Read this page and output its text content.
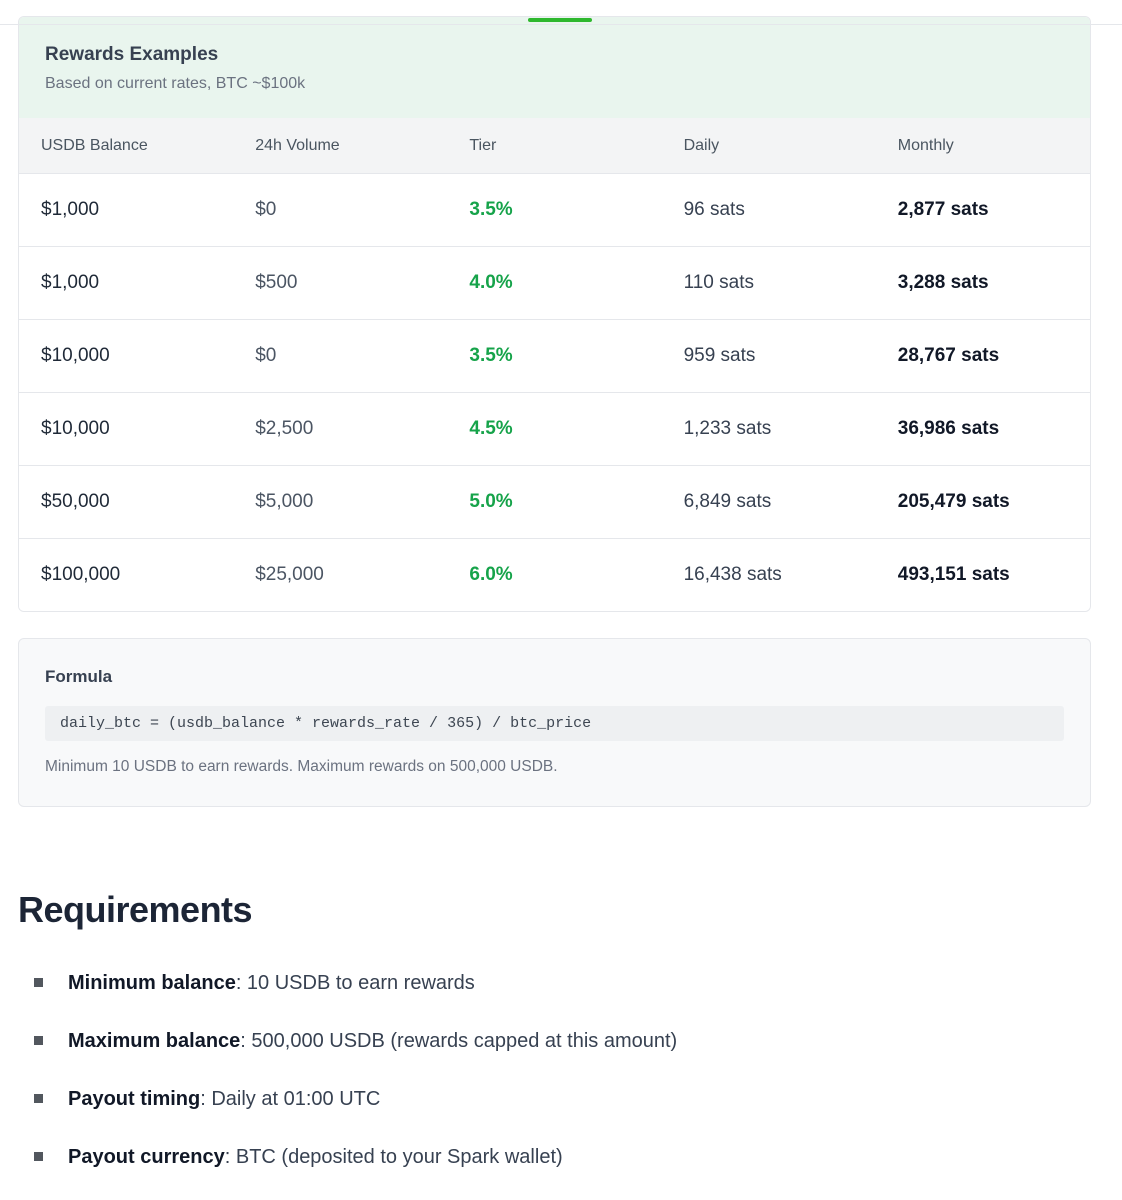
Rewards Examples

Based on current rates, BTC ~$100k

USDB Balance	24h Volume	Tier	Daily	Monthly
$1,000	$0	3.5%	96 sats	2,877 sats
$1,000	$500	4.0%	110 sats	3,288 sats
$10,000	$0	3.5%	959 sats	28,767 sats
$10,000	$2,500	4.5%	1,233 sats	36,986 sats
$50,000	$5,000	5.0%	6,849 sats	205,479 sats
$100,000	$25,000	6.0%	16,438 sats	493,151 sats
Formula
daily_btc = (usdb_balance * rewards_rate / 365) / btc_price

Minimum 10 USDB to earn rewards. Maximum rewards on 500,000 USDB.

Requirements
Minimum balance: 10 USDB to earn rewards
Maximum balance: 500,000 USDB (rewards capped at this amount)
Payout timing: Daily at 01:00 UTC
Payout currency: BTC (deposited to your Spark wallet)
